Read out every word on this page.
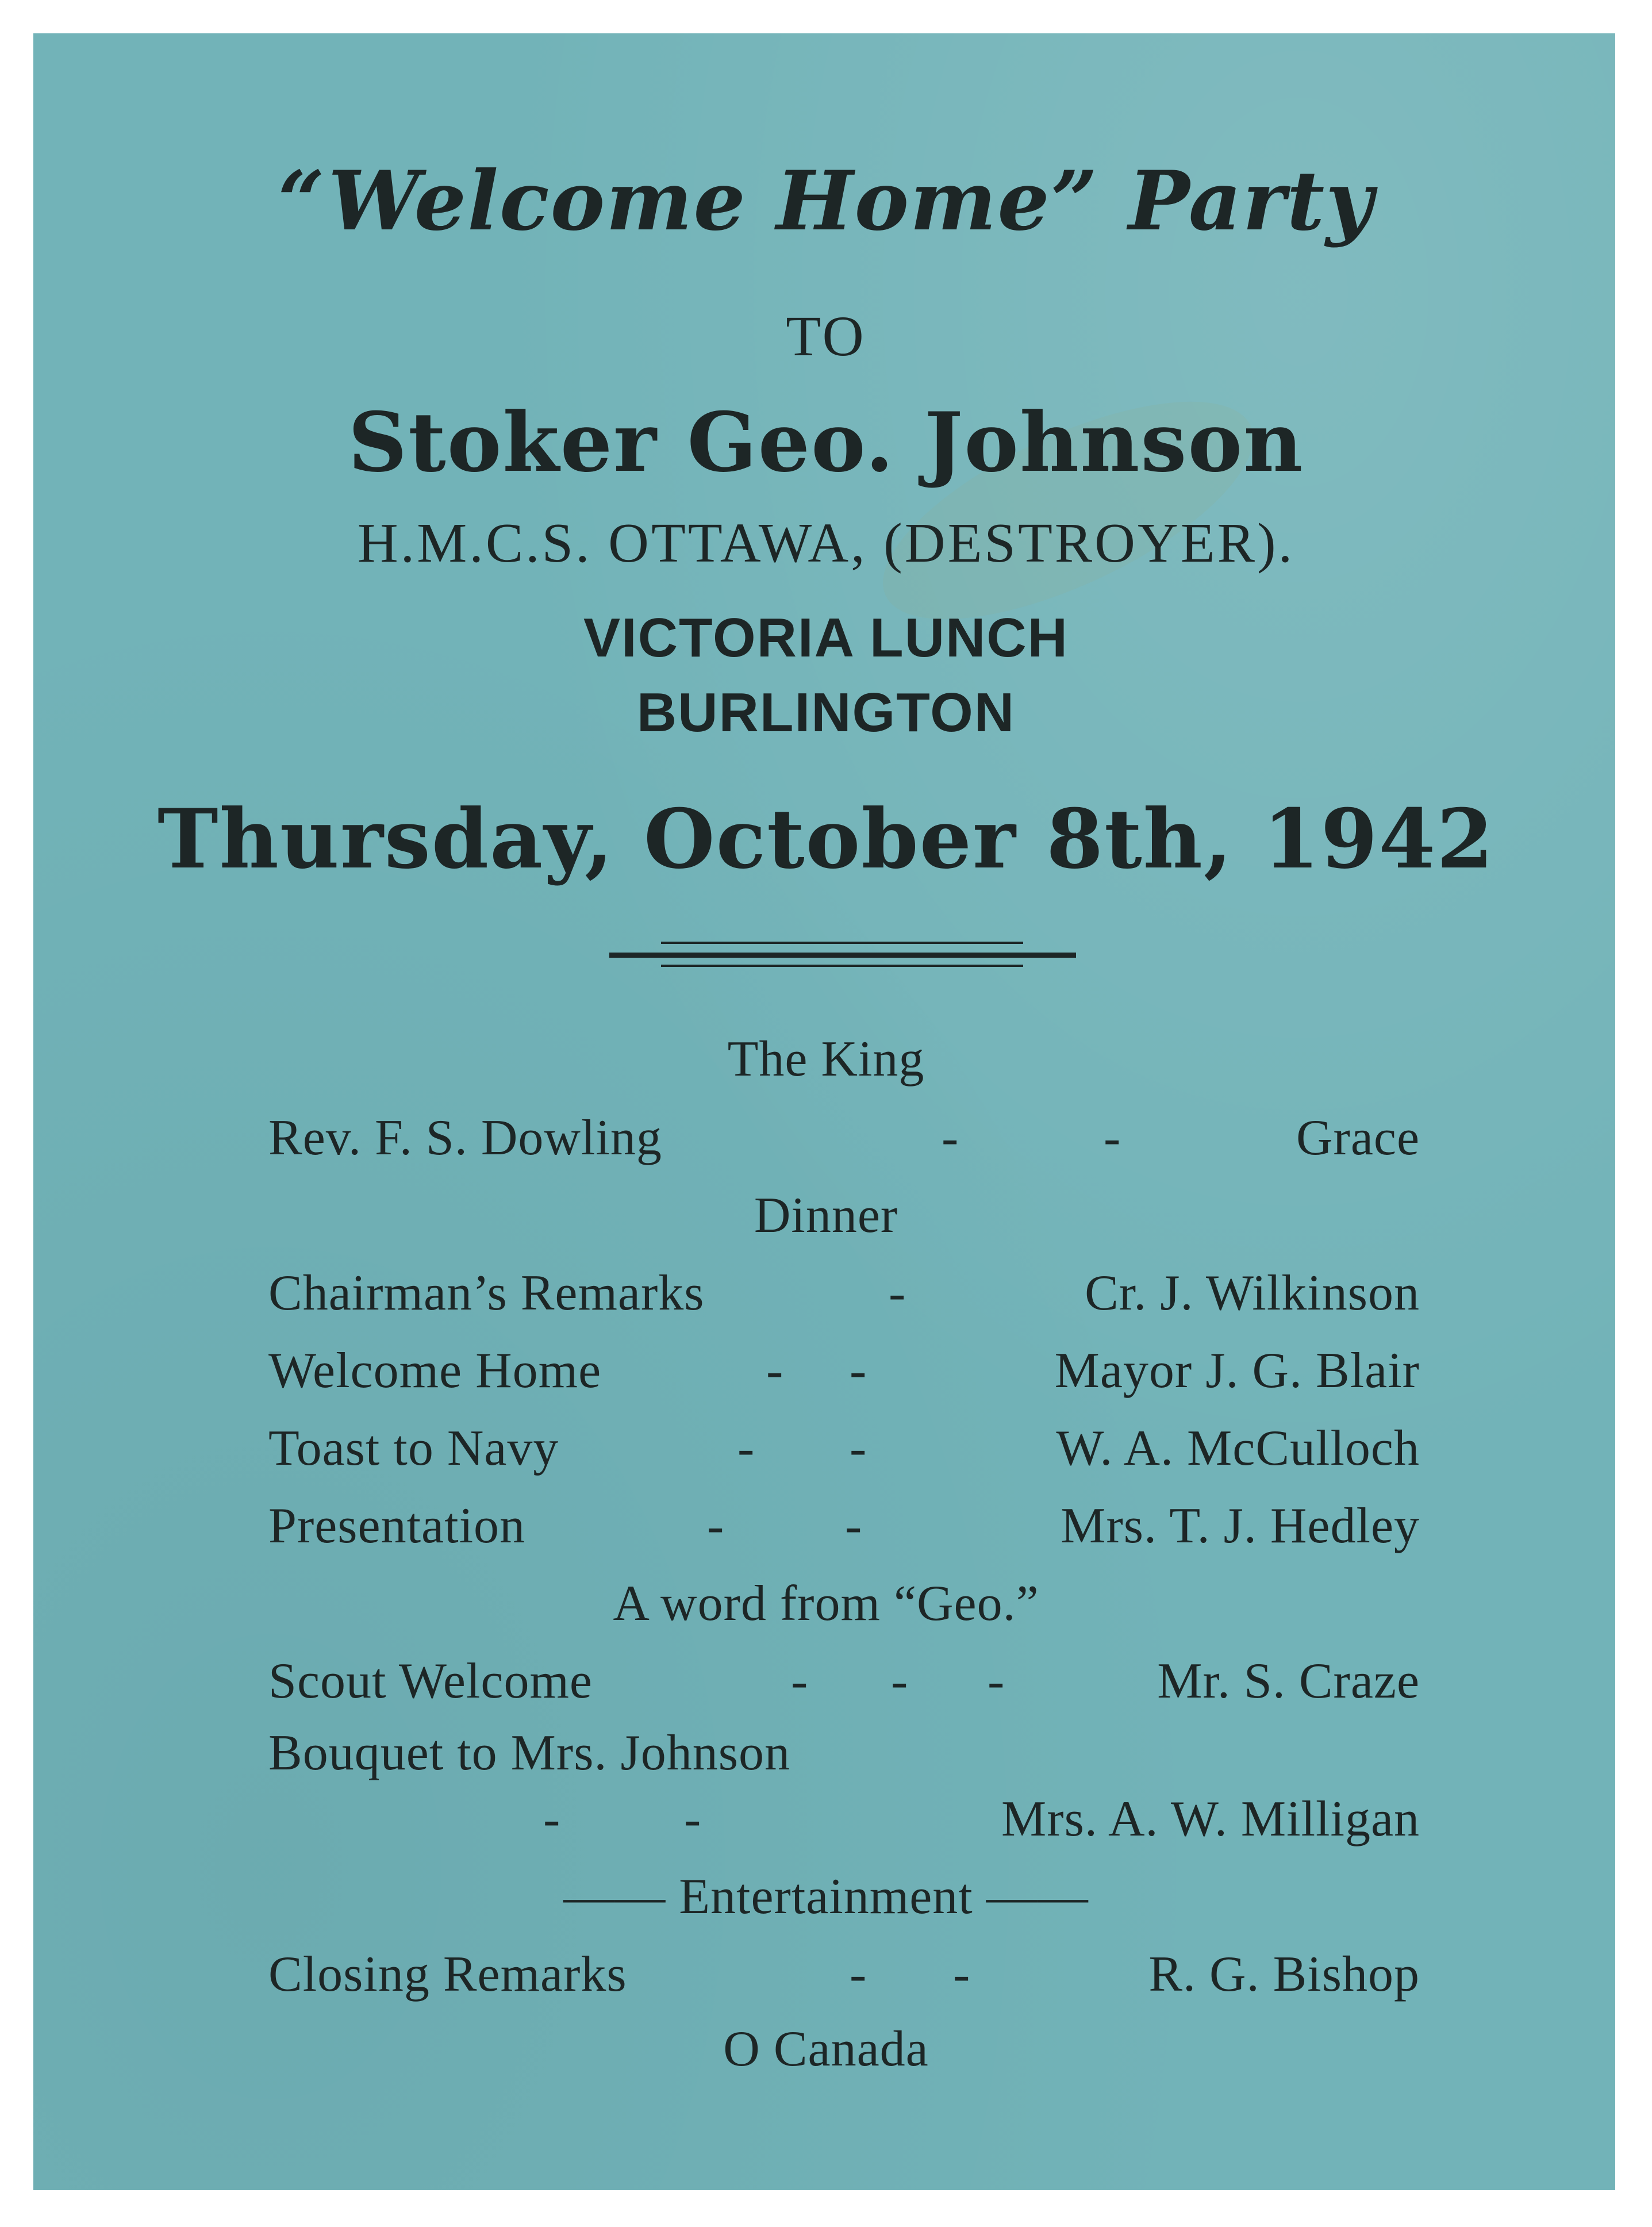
“Welcome Home” Party
TO
Stoker Geo. Johnson
H.M.C.S. OTTAWA, (DESTROYER).
VICTORIA LUNCH
BURLINGTON
Thursday, October 8th, 1942
The King
Rev. F. S. Dowling	-	-	Grace
Dinner
Chairman’s Remarks	-	Cr. J. Wilkinson
Welcome Home	- -	Mayor J. G. Blair
Toast to Navy	- -	W. A. McCulloch
Presentation	- -	Mrs. T. J. Hedley
A word from “Geo.”
Scout Welcome	- - -	Mr. S. Craze
Bouquet to Mrs. Johnson
- -	Mrs. A. W. Milligan
—— Entertainment ——
Closing Remarks	- -	R. G. Bishop
O Canada
